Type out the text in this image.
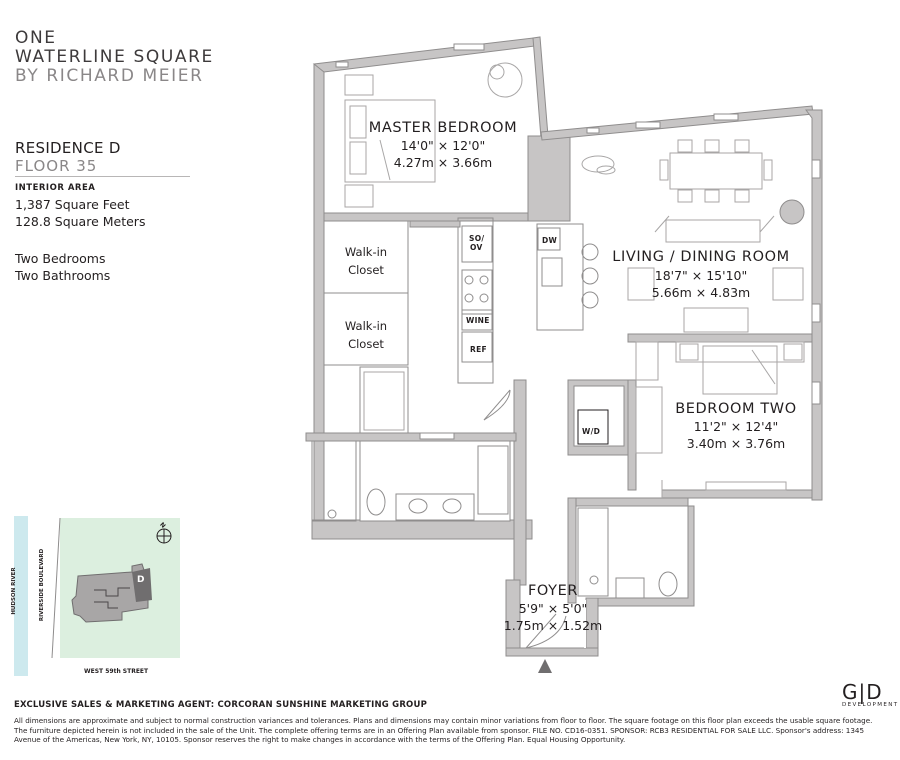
ONE
WATERLINE SQUARE
BY RICHARD MEIER
RESIDENCE D
FLOOR 35
INTERIOR AREA
1,387 Square Feet
128.8 Square Meters
Two Bedrooms
Two Bathrooms
MASTER BEDROOM
14'0" × 12'0"
4.27m × 3.66m
LIVING / DINING ROOM
18'7" × 15'10"
5.66m × 4.83m
BEDROOM TWO
11'2" × 12'4"
3.40m × 3.76m
FOYER
5'9" × 5'0"
1.75m × 1.52m
Walk-in
Closet
Walk-in
Closet
SO/
OV
DW
WINE
REF
W/D
D
N
HUDSON RIVER	RIVERSIDE BOULEVARD
WEST 59th STREET
EXCLUSIVE SALES & MARKETING AGENT: CORCORAN SUNSHINE MARKETING GROUP
All dimensions are approximate and subject to normal construction variances and tolerances. Plans and dimensions may contain minor variations from floor to floor. The square footage on this floor plan exceeds the usable square footage. The furniture depicted herein is not included in the sale of the Unit. The complete offering terms are in an Offering Plan available from sponsor. FILE NO. CD16-0351. SPONSOR: RCB3 RESIDENTIAL FOR SALE LLC. Sponsor's address: 1345 Avenue of the Americas, New York, NY, 10105. Sponsor reserves the right to make changes in accordance with the terms of the Offering Plan. Equal Housing Opportunity.
G|D
DEVELOPMENT
